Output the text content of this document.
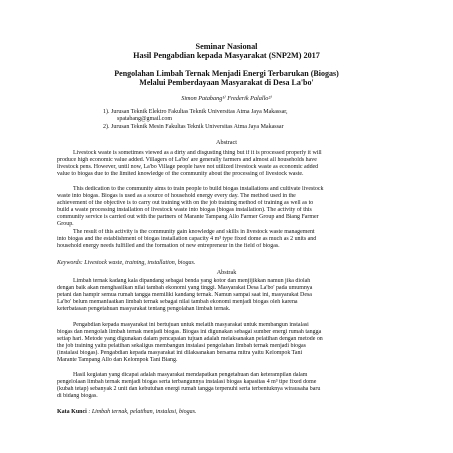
Seminar Nasional
Hasil Pengabdian kepada Masyarakat (SNP2M) 2017
Pengolahan Limbah Ternak Menjadi Energi Terbarukan (Biogas)
Melalui Pemberdayaan Masyarakat di Desa La'bo'
Simon Patabang¹⁾ Frederik Palallo²⁾
1). Jurusan Teknik Elektro Fakultas Teknik Universitas Atma Jaya Makassar,
spatabang@gmail.com
2). Jurusan Teknik Mesin Fakultas Teknik Universitas Atma Jaya Makassar
Abstract
Livestock waste is sometimes viewed as a dirty and disgusting thing but if it is processed properly it will
produce high economic value added. Villagers of La'bo' are generally farmers and almost all households have
livestock pens. However, until now, La'bo Village people have not utilized livestock waste as economic added
value to biogas due to the limited knowledge of the community about the processing of livestock waste.
This dedication to the community aims to train people to build biogas installations and cultivate livestock
waste into biogas. Biogas is used as a source of household energy every day. The method used in the
achievement of the objective is to carry out training with on the job training method of training as well as to
build a waste processing installation of livestock waste into biogas (biogas installation). The activity of this
community service is carried out with the partners of Marante Tampang Allo Farmer Group and Biang Farmer
Group.
The result of this activity is the community gain knowledge and skills in livestock waste management
into biogas and the establishment of biogas installation capacity 4 m³ type fixed dome as much as 2 units and
household energy needs fulfilled and the formation of new entrepreneur in the field of biogas.
Keywords: Livestock waste, training, installation, biogas.
Abstrak
Limbah ternak kadang kala dipandang sebagai benda yang kotor dan menjijikkan namun jika diolah
dengan baik akan menghasilkan nilai tambah ekonomi yang tinggi. Masyarakat Desa La'bo' pada umumnya
petani dan hampir semua rumah tangga memiliki kandang ternak. Namun sampai saat ini, masyarakat Desa
La'bo' belum memanfaatkan limbah ternak sebagai nilai tambah ekonomi menjadi biogas oleh karena
keterbatasan pengetahuan masyarakat tentang pengolahan limbah ternak.
Pengabdian kepada masyarakat ini bertujuan untuk melatih masyarakat untuk membangun instalasi
biogas dan mengolah limbah ternak menjadi biogas. Biogas ini digunakan sebagai sumber energi rumah tangga
setiap hari. Metode yang digunakan dalam pencapaian tujuan adalah melaksanakan pelatihan dengan metode on
the job training yaitu pelatihan sekaligus membangun instalasi pengolahan limbah ternak menjadi biogas
(instalasi biogas). Pengabdian kepada masyarakat ini dilaksanakan bersama mitra yaitu Kelompok Tani
Marante Tampang Allo dan Kelompok Tani Biang.
Hasil kegiatan yang dicapai adalah masyarakat mendapatkan pengetahuan dan keterampilan dalam
pengelolaan limbah ternak menjadi biogas serta terbangunnya instalasi biogas kapasitas 4 m³ tipe fixed dome
(kubah tetap) sebanyak 2 unit dan kebutuhan energi rumah tangga terpenuhi serta terbentuknya wirausaha baru
di bidang biogas.
Kata Kunci : Limbah ternak, pelatihan, instalasi, biogas.
